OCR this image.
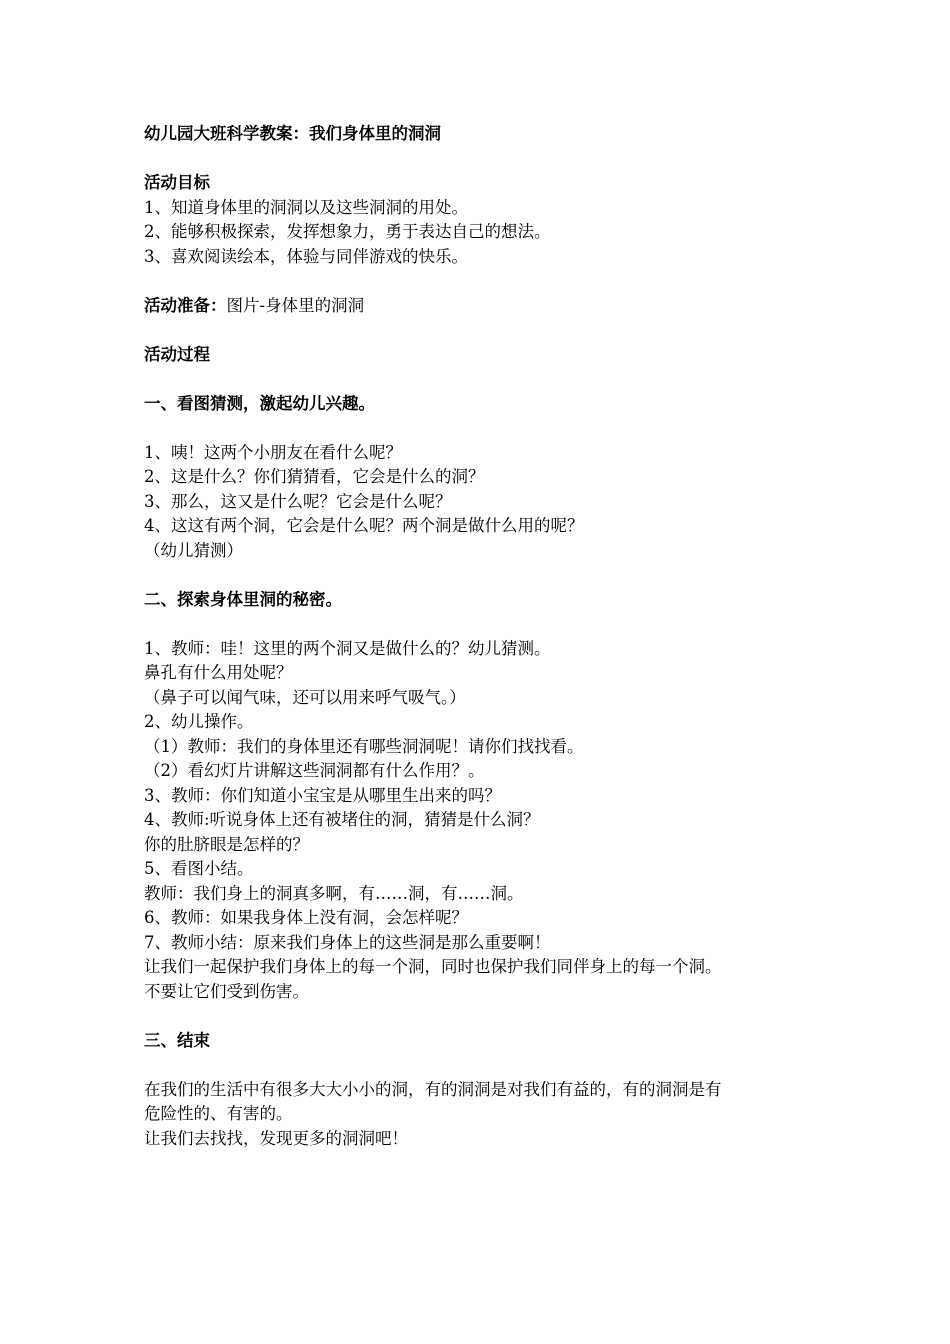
幼儿园大班科学教案：我们身体里的洞洞
活动目标
1、知道身体里的洞洞以及这些洞洞的用处。
2、能够积极探索，发挥想象力，勇于表达自己的想法。
3、喜欢阅读绘本，体验与同伴游戏的快乐。
活动准备：图片-身体里的洞洞
活动过程
一、看图猜测，激起幼儿兴趣。
1、咦！这两个小朋友在看什么呢？
2、这是什么？你们猜猜看，它会是什么的洞？
3、那么，这又是什么呢？它会是什么呢？
4、这这有两个洞，它会是什么呢？两个洞是做什么用的呢？
（幼儿猜测）
二、探索身体里洞的秘密。
1、教师：哇！这里的两个洞又是做什么的？幼儿猜测。
鼻孔有什么用处呢？
（鼻子可以闻气味，还可以用来呼气吸气。）
2、幼儿操作。
（1）教师：我们的身体里还有哪些洞洞呢！请你们找找看。
（2）看幻灯片讲解这些洞洞都有什么作用？。
3、教师：你们知道小宝宝是从哪里生出来的吗？
4、教师:听说身体上还有被堵住的洞，猜猜是什么洞？
你的肚脐眼是怎样的？
5、看图小结。
教师：我们身上的洞真多啊，有……洞，有……洞。
6、教师：如果我身体上没有洞，会怎样呢？
7、教师小结：原来我们身体上的这些洞是那么重要啊！
让我们一起保护我们身体上的每一个洞，同时也保护我们同伴身上的每一个洞。
不要让它们受到伤害。
三、结束
在我们的生活中有很多大大小小的洞，有的洞洞是对我们有益的，有的洞洞是有
危险性的、有害的。
让我们去找找，发现更多的洞洞吧！
